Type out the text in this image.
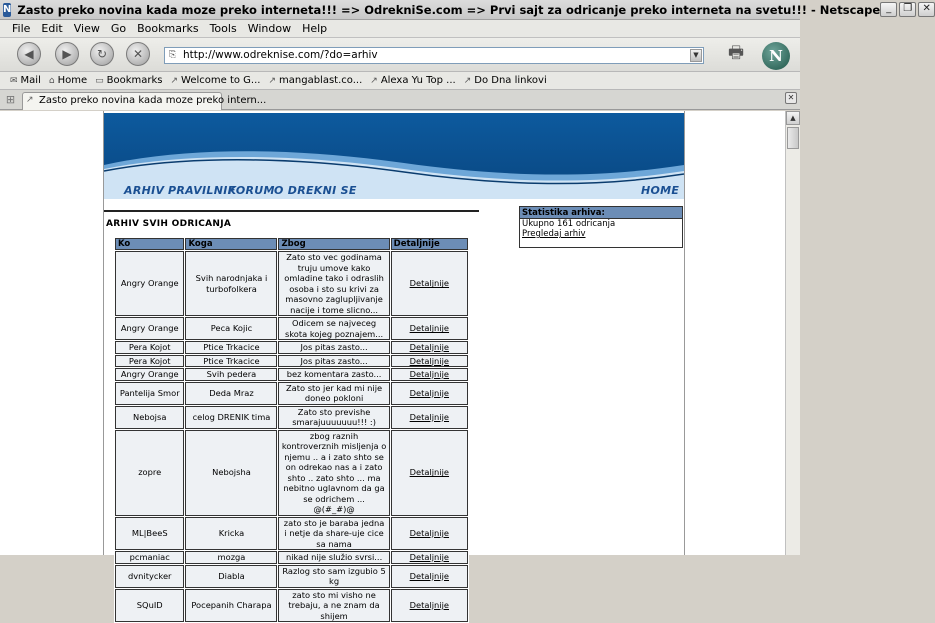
N Zasto preko novina kada moze preko interneta!!! => OdrekniSe.com => Prvi sajt za odricanje preko interneta na svetu!!! - Netscape _	❐	✕
File Edit View Go Bookmarks Tools Window Help
◀	▶	↻	✕	http://www.odreknise.com/?do=arhiv
⎘	▼ 🖶	N
✉ Mail ⌂ Home ▭ Bookmarks ↗ Welcome to G... ↗ mangablast.co... ↗ Alexa Yu Top ... ↗ Do Dna linkovi
⊞	Zasto preko novina kada moze preko intern...
↗	✕
ARHIV PRAVILNIK
FORUM O DREKNI SE	HOME
ARHIV SVIH ODRICANJA
Ko	Koga	Zbog	Detaljnije
Angry Orange	Svih narodnjaka i turbofolkera	Zato sto vec godinama truju umove kako omladine tako i odraslih osoba i sto su krivi za masovno zaglupljivanje nacije i tome slicno...	Detaljnije
Angry Orange	Peca Kojic	Odicem se najveceg skota kojeg poznajem...	Detaljnije
Pera Kojot	Ptice Trkacice	Jos pitas zasto...	Detaljnije
Pera Kojot	Ptice Trkacice	Jos pitas zasto...	Detaljnije
Angry Orange	Svih pedera	bez komentara zasto...	Detaljnije
Pantelija Smor	Deda Mraz	Zato sto jer kad mi nije doneo pokloni	Detaljnije
Nebojsa	celog DRENIK tima	Zato sto previshe smarajuuuuuuu!!! :)	Detaljnije
zopre	Nebojsha	zbog raznih kontroverznih misljenja o njemu .. a i zato shto se on odrekao nas a i zato shto .. zato shto ... ma nebitno uglavnom da ga se odrichem ... @(#_#)@	Detaljnije
ML|BeeS	Kricka	zato sto je baraba jedna i netje da share-uje cice sa nama	Detaljnije
pcmaniac	mozga	nikad nije služio svrsi...	Detaljnije
dvnitycker	Diabla	Razlog sto sam izgubio 5 kg	Detaljnije
SQuID	Pocepanih Charapa	zato sto mi visho ne trebaju, a ne znam da shijem	Detaljnije
Statistika arhiva:
Ukupno 161 odricanja
Pregledaj arhiv
▲
